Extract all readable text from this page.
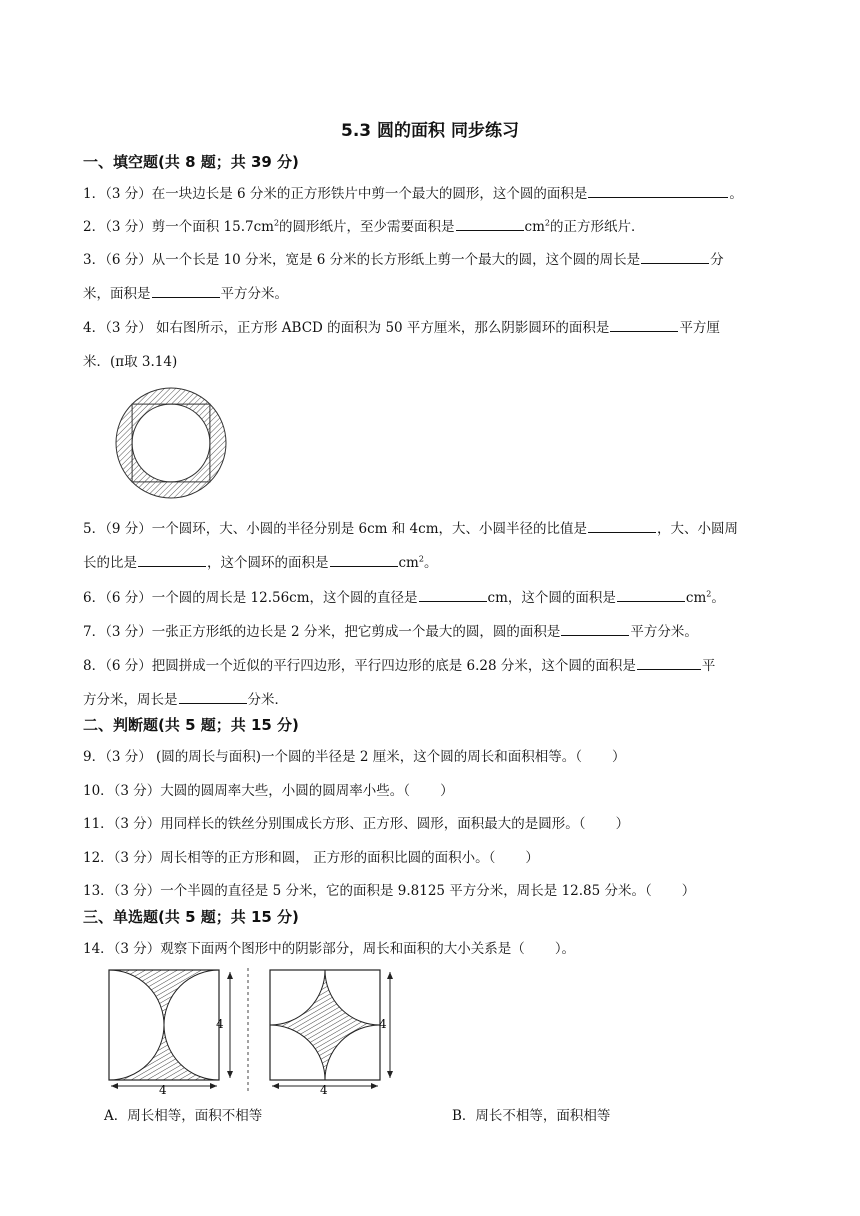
5.3 圆的面积 同步练习
一、填空题(共 8 题；共 39 分)
1．（3 分）在一块边长是 6 分米的正方形铁片中剪一个最大的圆形，这个圆的面积是	。
2．（3 分）剪一个面积 $15.7cm^2$的圆形纸片，至少需要面积是	$cm^2$的正方形纸片．
3．（6 分）从一个长是 10 分米，宽是 6 分米的长方形纸上剪一个最大的圆，这个圆的周长是	分
米，面积是	平方分米。
4．（3 分） 如右图所示，正方形 ABCD 的面积为 50 平方厘米，那么阴影圆环的面积是	平方厘
米．(π取 3.14)
5．（9 分）一个圆环，大、小圆的半径分别是 6cm 和 4cm，大、小圆半径的比值是	，大、小圆周
长的比是	，这个圆环的面积是	$cm^2$。
6．（6 分）一个圆的周长是 12.56cm，这个圆的直径是	cm，这个圆的面积是	$cm^2$。
7．（3 分）一张正方形纸的边长是 2 分米，把它剪成一个最大的圆，圆的面积是	平方分米。
8．（6 分）把圆拼成一个近似的平行四边形，平行四边形的底是 6.28 分米，这个圆的面积是	平
方分米，周长是	分米．
二、判断题(共 5 题；共 15 分)
9．（3 分） (圆的周长与面积)一个圆的半径是 2 厘米，这个圆的周长和面积相等。（ ）
10．（3 分）大圆的圆周率大些，小圆的圆周率小些。（ ）
11．（3 分）用同样长的铁丝分别围成长方形、正方形、圆形，面积最大的是圆形。（ ）
12．（3 分）周长相等的正方形和圆， 正方形的面积比圆的面积小。（ ）
13．（3 分）一个半圆的直径是 5 分米，它的面积是 9.8125 平方分米，周长是 12.85 分米。（ ）
三、单选题(共 5 题；共 15 分)
14．（3 分）观察下面两个图形中的阴影部分，周长和面积的大小关系是（ ）。
4
4
4
4
A．周长相等，面积不相等	B．周长不相等，面积相等
